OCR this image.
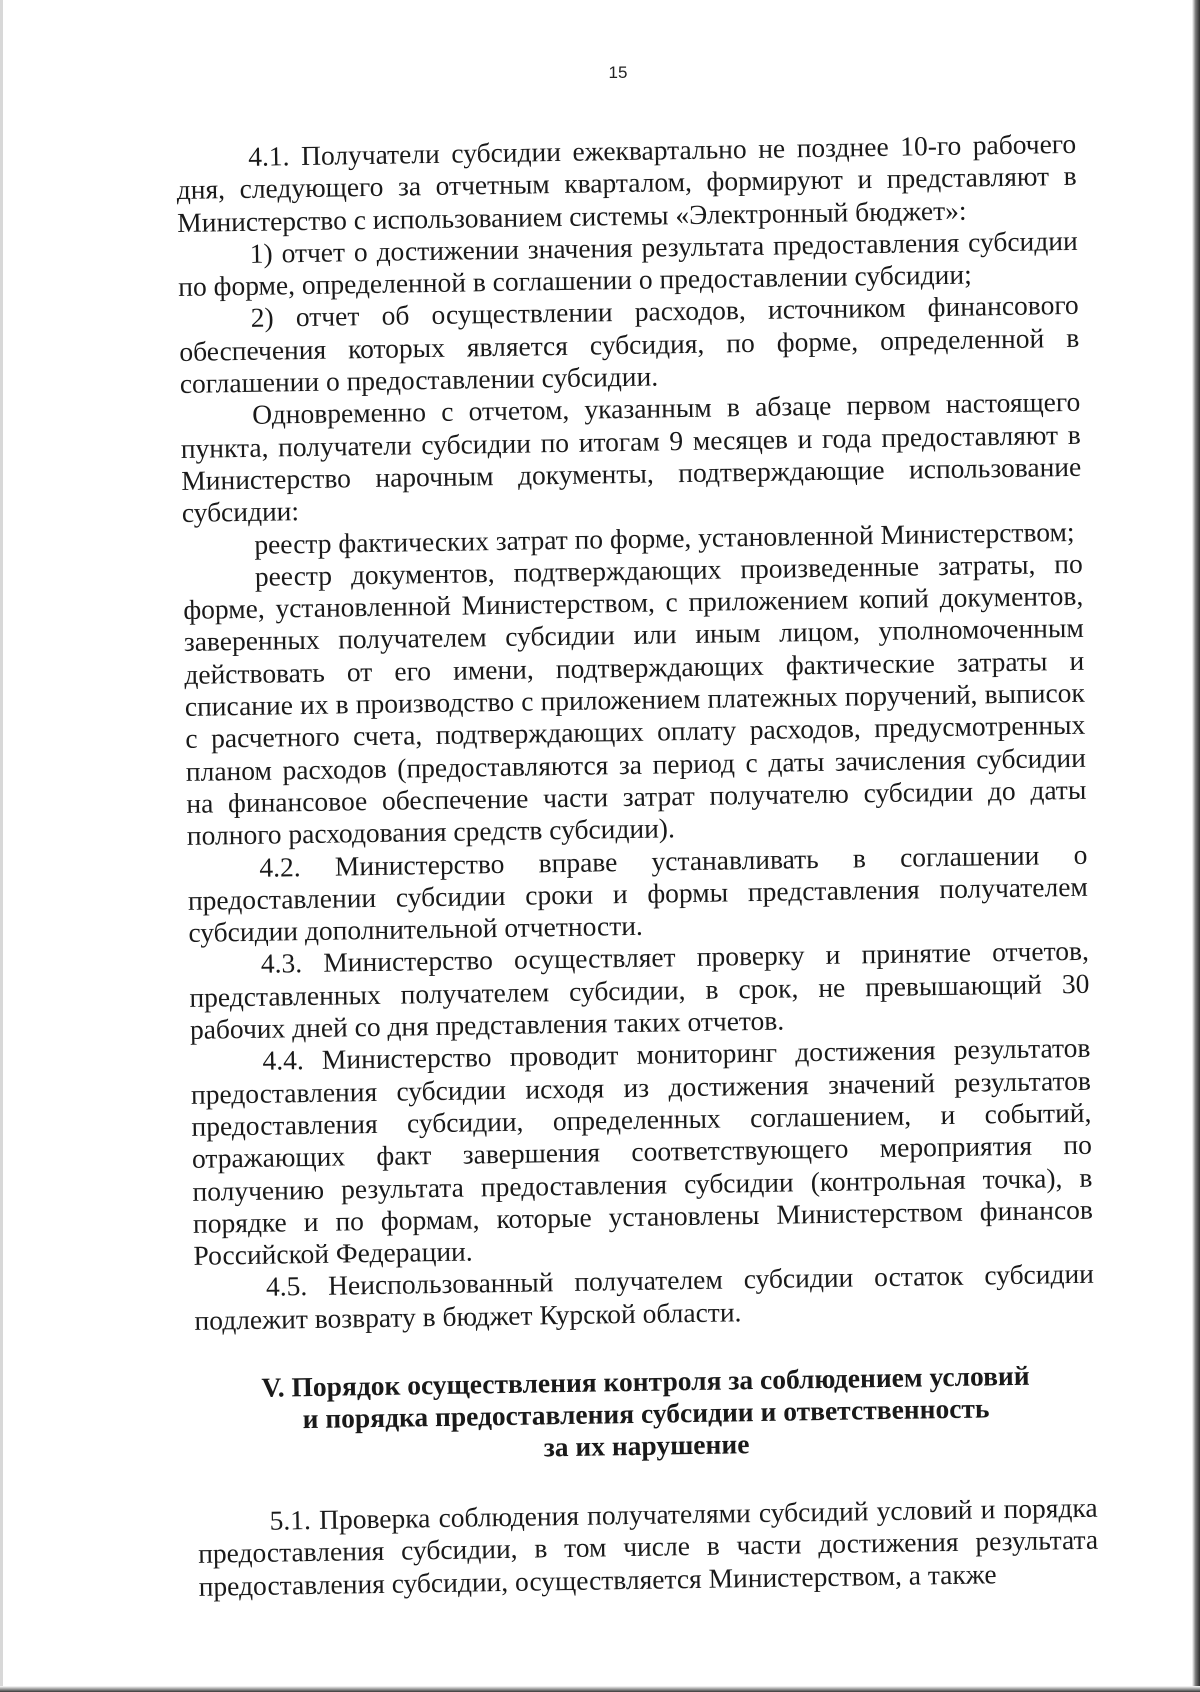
15

4.1. Получатели субсидии ежеквартально не позднее 10-го рабочего дня, следующего за отчетным кварталом, формируют и представляют в Министерство с использованием системы «Электронный бюджет»:

1) отчет о достижении значения результата предоставления субсидии по форме, определенной в соглашении о предоставлении субсидии;

2) отчет об осуществлении расходов, источником финансового обеспечения которых является субсидия, по форме, определенной в соглашении о предоставлении субсидии.

Одновременно с отчетом, указанным в абзаце первом настоящего пункта, получатели субсидии по итогам 9 месяцев и года предоставляют в Министерство нарочным документы, подтверждающие использование субсидии:

реестр фактических затрат по форме, установленной Министерством;

реестр документов, подтверждающих произведенные затраты, по форме, установленной Министерством, с приложением копий документов, заверенных получателем субсидии или иным лицом, уполномоченным действовать от его имени, подтверждающих фактические затраты и списание их в производство с приложением платежных поручений, выписок с расчетного счета, подтверждающих оплату расходов, предусмотренных планом расходов (предоставляются за период с даты зачисления субсидии на финансовое обеспечение части затрат получателю субсидии до даты полного расходования средств субсидии).

4.2. Министерство вправе устанавливать в соглашении о предоставлении субсидии сроки и формы представления получателем субсидии дополнительной отчетности.

4.3. Министерство осуществляет проверку и принятие отчетов, представленных получателем субсидии, в срок, не превышающий 30 рабочих дней со дня представления таких отчетов.

4.4. Министерство проводит мониторинг достижения результатов предоставления субсидии исходя из достижения значений результатов предоставления субсидии, определенных соглашением, и событий, отражающих факт завершения соответствующего мероприятия по получению результата предоставления субсидии (контрольная точка), в порядке и по формам, которые установлены Министерством финансов Российской Федерации.

4.5. Неиспользованный получателем субсидии остаток субсидии подлежит возврату в бюджет Курской области.

V. Порядок осуществления контроля за соблюдением условий
и порядка предоставления субсидии и ответственность
за их нарушение

5.1. Проверка соблюдения получателями субсидий условий и порядка предоставления субсидии, в том числе в части достижения результата предоставления субсидии, осуществляется Министерством, а также
